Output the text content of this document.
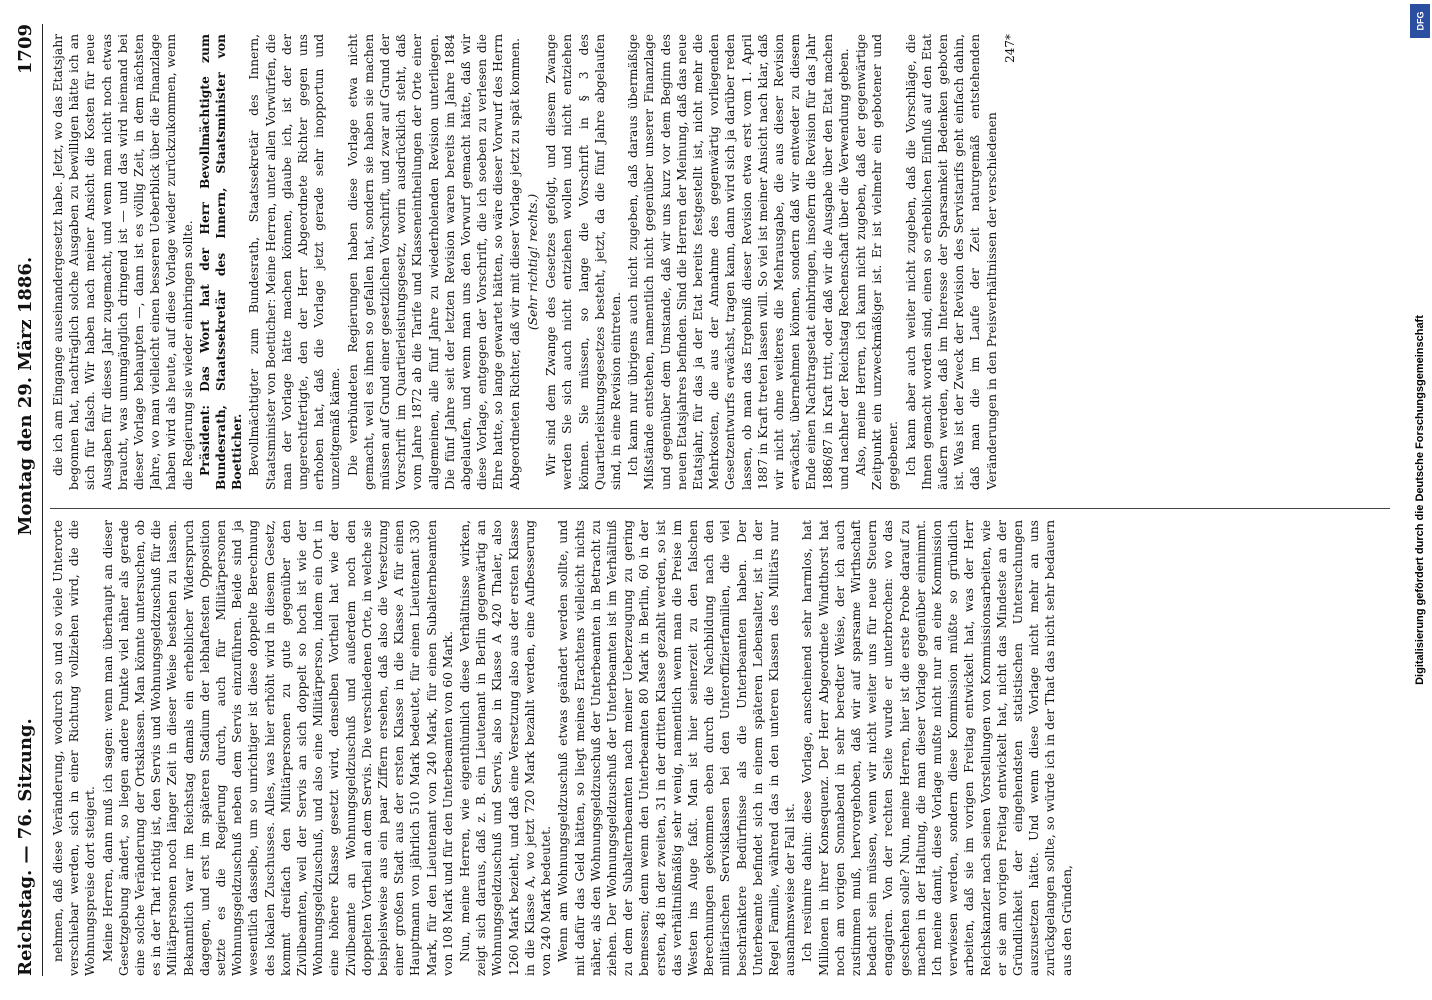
Reichstag. — 76. Sitzung.
Montag den 29. März 1886.
1709

nehmen, daß diese Veränderung, wodurch so und so viele Unterorte verschiebar werden, sich in einer Richtung vollziehen wird, die die Wohnungspreise dort steigert. Meine Herren, dann muß ich sagen: wenn man überhaupt an dieser Gesetzgebung ändert, so liegen andere Punkte viel näher als gerade eine solche Veränderung der Ortsklassen. Man könnte untersuchen, ob es in der That richtig ist, den Servis und Wohnungsgeldzuschuß für die Militärpersonen noch länger Zeit in dieser Weise bestehen zu lassen. Bekanntlich war im Reichstag damals ein erheblicher Widerspruch dagegen, und erst im späteren Stadium der lebhaftesten Opposition setzte es die Regierung durch, auch für Militärpersonen Wohnungsgeldzuschuß neben dem Servis einzuführen. Beide sind ja wesentlich dasselbe, um so unrichtiger ist diese doppelte Berechnung des lokalen Zuschusses. Alles, was hier erhöht wird in diesem Gesetz, kommt dreifach den Militärpersonen zu gute gegenüber den Zivilbeamten, weil der Servis an sich doppelt so hoch ist wie der Wohnungsgeldzuschuß, und also eine Militärperson, indem ein Ort in eine höhere Klasse gesetzt wird, denselben Vortheil hat wie der Zivilbeamte an Wohnungsgeldzuschuß und außerdem noch den doppelten Vortheil an dem Servis. Die verschiedenen Orte, in welche sie beispielsweise aus ein paar Ziffern ersehen, daß also die Versetzung einer großen Stadt aus der ersten Klasse in die Klasse A für einen Hauptmann von jährlich 510 Mark bedeutet, für einen Lieutenant 330 Mark, für den Lieutenant von 240 Mark, für einen Subalternbeamten von 108 Mark und für den Unterbeamten von 60 Mark. Nun, meine Herren, wie eigenthümlich diese Verhältnisse wirken, zeigt sich daraus, daß z. B. ein Lieutenant in Berlin gegenwärtig an Wohnungsgeldzuschuß und Servis, also in Klasse A 420 Thaler, also 1260 Mark bezieht, und daß eine Versetzung also aus der ersten Klasse in die Klasse A, wo jetzt 720 Mark bezahlt werden, eine Aufbesserung von 240 Mark bedeutet. Wenn am Wohnungsgeldzuschuß etwas geändert werden sollte, und mit dafür das Geld hätten, so liegt meines Erachtens vielleicht nichts näher, als den Wohnungsgeldzuschuß der Unterbeamten in Betracht zu ziehen. Der Wohnungsgeldzuschuß der Unterbeamten ist im Verhältniß zu dem der Subalternbeamten nach meiner Ueberzeugung zu gering bemessen; denn wenn den Unterbeamten 80 Mark in Berlin, 60 in der ersten, 48 in der zweiten, 31 in der dritten Klasse gezahlt werden, so ist das verhältnißmäßig sehr wenig, namentlich wenn man die Preise im Westen ins Auge faßt. Man ist hier seinerzeit zu den falschen Berechnungen gekommen eben durch die Nachbildung nach den militärischen Servisklassen bei den Unteroffizierfamilien, die viel beschränktere Bedürfnisse als die Unterbeamten haben. Der Unterbeamte befindet sich in einem späteren Lebensalter, ist in der Regel Familie, während das in den unteren Klassen des Militärs nur ausnahmsweise der Fall ist. Ich resümire dahin: diese Vorlage, anscheinend sehr harmlos, hat Millionen in ihrer Konsequenz. Der Herr Abgeordnete Windthorst hat noch am vorigen Sonnabend in sehr beredter Weise, der ich auch zustimmen muß, hervorgehoben, daß wir auf sparsame Wirthschaft bedacht sein müssen, wenn wir nicht weiter uns für neue Steuern engagiren. Von der rechten Seite wurde er unterbrochen: wo das geschehen solle? Nun, meine Herren, hier ist die erste Probe darauf zu machen in der Haltung, die man dieser Vorlage gegenüber einnimmt. Ich meine damit, diese Vorlage mußte nicht nur an eine Kommission verwiesen werden, sondern diese Kommission müßte so gründlich arbeiten, daß sie im vorigen Freitag entwickelt hat, was der Herr Reichskanzler nach seinen Vorstellungen von Kommissionsarbeiten, wie er sie am vorigen Freitag entwickelt hat, nicht das Mindeste an der Gründlichkeit der eingehendsten statistischen Untersuchungen auszusetzen hätte. Und wenn diese Vorlage nicht mehr an uns zurückgelangen sollte, so würde ich in der That das nicht sehr bedauern aus den Gründen,

die ich am Eingange auseinandergesetzt habe. Jetzt, wo das Etatsjahr begonnen hat, nachträglich solche Ausgaben zu bewilligen hätte ich an sich für falsch. Wir haben nach meiner Ansicht die Kosten für neue Ausgaben für dieses Jahr zugemacht, und wenn man nicht noch etwas braucht, was unumgänglich dringend ist — und das wird niemand bei dieser Vorlage behaupten —, dann ist es völlig Zeit, in dem nächsten Jahre, wo man vielleicht einen besseren Ueberblick über die Finanzlage haben wird als heute, auf diese Vorlage wieder zurückzukommen, wenn die Regierung sie wieder einbringen sollte. Präsident: Das Wort hat der Herr Bevollmächtigte zum Bundesrath, Staatssekretär des Innern, Staatsminister von Boetticher. Bevollmächtigter zum Bundesrath, Staatssekretär des Innern, Staatsminister von Boetticher: Meine Herren, unter allen Vorwürfen, die man der Vorlage hätte machen können, glaube ich, ist der der ungerechtfertigte, den der Herr Abgeordnete Richter gegen uns erhoben hat, daß die Vorlage jetzt gerade sehr inopportun und unzeitgemäß käme. Die verbündeten Regierungen haben diese Vorlage etwa nicht gemacht, weil es ihnen so gefallen hat, sondern sie haben sie machen müssen auf Grund einer gesetzlichen Vorschrift, und zwar auf Grund der Vorschrift im Quartierleistungsgesetz, worin ausdrücklich steht, daß vom Jahre 1872 ab die Tarife und Klasseneintheilungen der Orte einer allgemeinen, alle fünf Jahre zu wiederholenden Revision unterliegen. Die fünf Jahre seit der letzten Revision waren bereits im Jahre 1884 abgelaufen, und wenn man uns den Vorwurf gemacht hätte, daß wir diese Vorlage, entgegen der Vorschrift, die ich soeben zu verlesen die Ehre hatte, so lange gewartet hätten, so wäre dieser Vorwurf des Herrn Abgeordneten Richter, daß wir mit dieser Vorlage jetzt zu spät kommen. (Sehr richtig! rechts.) Wir sind dem Zwange des Gesetzes gefolgt, und diesem Zwange werden Sie sich auch nicht entziehen wollen und nicht entziehen können. Sie müssen, so lange die Vorschrift in § 3 des Quartierleistungsgesetzes besteht, jetzt, da die fünf Jahre abgelaufen sind, in eine Revision eintreten. Ich kann nur übrigens auch nicht zugeben, daß daraus übermäßige Mißstände entstehen, namentlich nicht gegenüber unserer Finanzlage und gegenüber dem Umstande, daß wir uns kurz vor dem Beginn des neuen Etatsjahres befinden. Sind die Herren der Meinung, daß das neue Etatsjahr, für das ja der Etat bereits festgestellt ist, nicht mehr die Mehrkosten, die aus der Annahme des gegenwärtig vorliegenden Gesetzentwurfs erwächst, tragen kann, dann wird sich ja darüber reden lassen, ob man das Ergebniß dieser Revision etwa erst vom 1. April 1887 in Kraft treten lassen will. So viel ist meiner Ansicht nach klar, daß wir nicht ohne weiteres die Mehrausgabe, die aus dieser Revision erwächst, übernehmen können, sondern daß wir entweder zu diesem Ende einen Nachtragsetat einbringen, insofern die Revision für das Jahr 1886/87 in Kraft tritt, oder daß wir die Ausgabe über den Etat machen und nachher der Reichstag Rechenschaft über die Verwendung geben. Also, meine Herren, ich kann nicht zugeben, daß der gegenwärtige Zeitpunkt ein unzweckmäßiger ist. Er ist vielmehr ein gebotener und gegebener. Ich kann aber auch weiter nicht zugeben, daß die Vorschläge, die Ihnen gemacht worden sind, einen so erheblichen Einfluß auf den Etat äußern werden, daß im Interesse der Sparsamkeit Bedenken geboten ist. Was ist der Zweck der Revision des Servistarifs geht einfach dahin, daß man die im Laufe der Zeit naturgemäß entstehenden Veränderungen in den Preisverhältnissen der verschiedenen

247*
Digitalisierung gefördert durch die Deutsche Forschungsgemeinschaft
DFG
